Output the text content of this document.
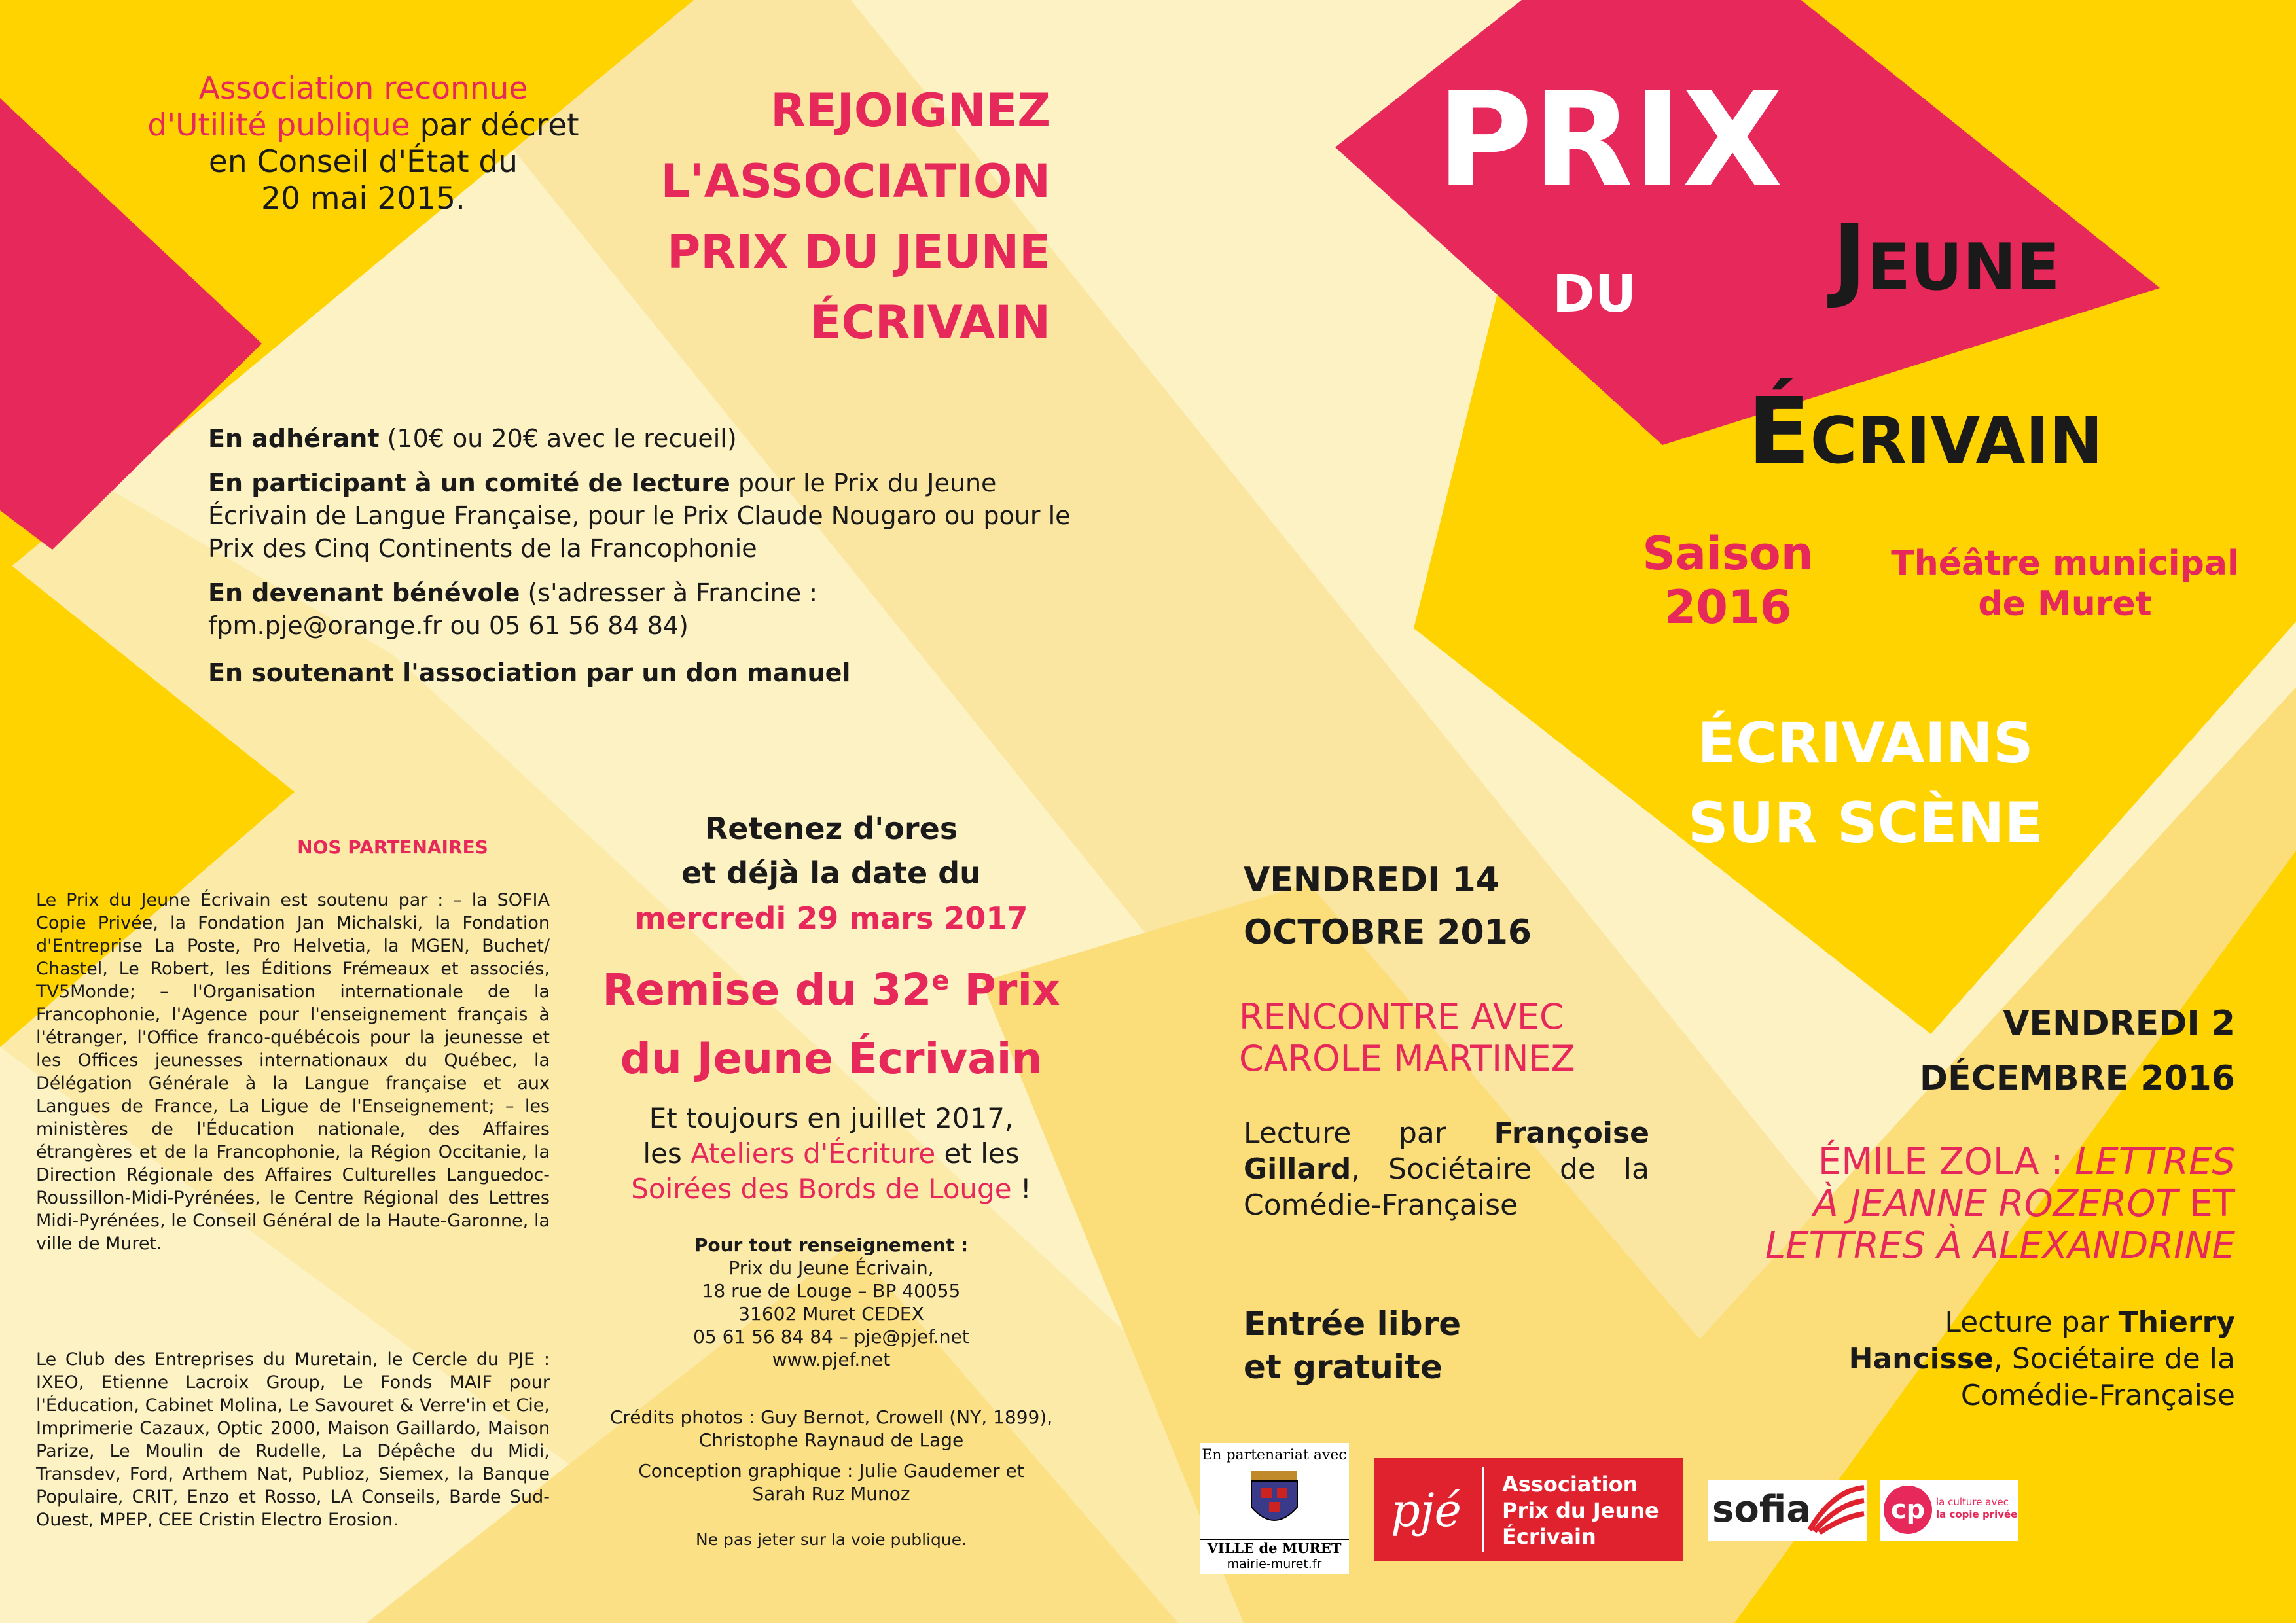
Association reconnue
d'Utilité publique par décret
en Conseil d'État du
20 mai 2015.
REJOIGNEZ
L'ASSOCIATION
PRIX DU JEUNE
ÉCRIVAIN
En adhérant (10€ ou 20€ avec le recueil)
En participant à un comité de lecture pour le Prix du Jeune Écrivain de Langue Française, pour le Prix Claude Nougaro ou pour le Prix des Cinq Continents de la Francophonie
En devenant bénévole (s'adresser à Francine : fpm.pje@orange.fr ou 05 61 56 84 84)
En soutenant l'association par un don manuel
NOS PARTENAIRES
Le Prix du Jeune Écrivain est soutenu par : – la SOFIA Copie Privée, la Fondation Jan Michalski, la Fondation d'Entreprise La Poste, Pro Helvetia, la MGEN, Buchet/ Chastel, Le Robert, les Éditions Frémeaux et associés, TV5Monde; – l'Organisation internationale de la Francophonie, l'Agence pour l'enseignement français à l'étranger, l'Office franco-québécois pour la jeunesse et les Offices jeunesses internationaux du Québec, la Délégation Générale à la Langue française et aux Langues de France, La Ligue de l'Enseignement; – les ministères de l'Éducation nationale, des Affaires étrangères et de la Francophonie, la Région Occitanie, la Direction Régionale des Affaires Culturelles Languedoc-Roussillon-Midi-Pyrénées, le Centre Régional des Lettres Midi-Pyrénées, le Conseil Général de la Haute-Garonne, la ville de Muret.
Le Club des Entreprises du Muretain, le Cercle du PJE : IXEO, Etienne Lacroix Group, Le Fonds MAIF pour l'Éducation, Cabinet Molina, Le Savouret & Verre'in et Cie, Imprimerie Cazaux, Optic 2000, Maison Gaillardo, Maison Parize, Le Moulin de Rudelle, La Dépêche du Midi, Transdev, Ford, Arthem Nat, Publioz, Siemex, la Banque Populaire, CRIT, Enzo et Rosso, LA Conseils, Barde Sud-Ouest, MPEP, CEE Cristin Electro Erosion.
Retenez d'ores
et déjà la date du
mercredi 29 mars 2017
Remise du 32e Prix
du Jeune Écrivain
Et toujours en juillet 2017,
les Ateliers d'Écriture et les
Soirées des Bords de Louge !
Pour tout renseignement :
Prix du Jeune Écrivain,
18 rue de Louge – BP 40055
31602 Muret CEDEX
05 61 56 84 84 – pje@pjef.net
www.pjef.net
Crédits photos : Guy Bernot, Crowell (NY, 1899), Christophe Raynaud de Lage
Conception graphique : Julie Gaudemer et Sarah Ruz Munoz
Ne pas jeter sur la voie publique.
VENDREDI 14
OCTOBRE 2016
RENCONTRE AVEC
CAROLE MARTINEZ
Lecture par Françoise Gillard, Sociétaire de la Comédie-Française
Entrée libre
et gratuite
PRIX
DU Jeune
Écrivain
Saison
2016
Théâtre municipal
de Muret
ÉCRIVAINS
SUR SCÈNE
VENDREDI 2
DÉCEMBRE 2016
ÉMILE ZOLA : LETTRES
À JEANNE ROZEROT ET
LETTRES À ALEXANDRINE
Lecture par Thierry
Hancisse, Sociétaire de la
Comédie-Française
En partenariat avec
VILLE de MURET
mairie-muret.fr
pjé	Association
Prix du Jeune
Écrivain
sofia	cp	la culture avec
la copie privée
